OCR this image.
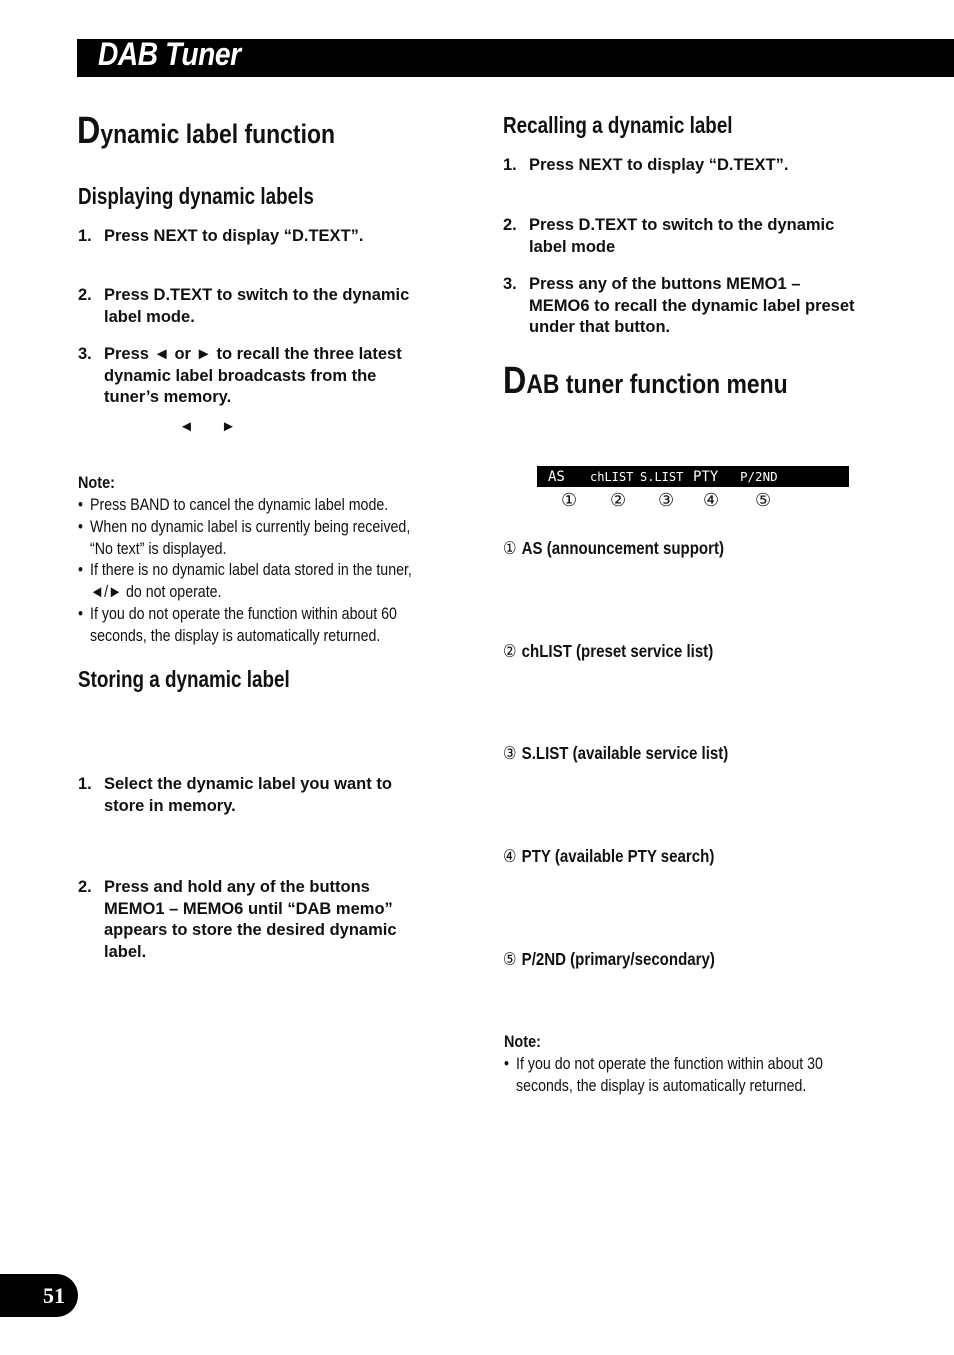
DAB Tuner
Dynamic label function
Displaying dynamic labels
1. Press NEXT to display “D.TEXT”.
2. Press D.TEXT to switch to the dynamic
label mode.
3. Press ◄ or ► to recall the three latest
dynamic label broadcasts from the
tuner’s memory.
◄ ►
Note:
• Press BAND to cancel the dynamic label mode.
• When no dynamic label is currently being received,
“No text” is displayed.
• If there is no dynamic label data stored in the tuner,
◄/► do not operate.
• If you do not operate the function within about 60
seconds, the display is automatically returned.
Storing a dynamic label
1. Select the dynamic label you want to
store in memory.
2. Press and hold any of the buttons
MEMO1 – MEMO6 until “DAB memo”
appears to store the desired dynamic
label.
Recalling a dynamic label
1. Press NEXT to display “D.TEXT”.
2. Press D.TEXT to switch to the dynamic
label mode
3. Press any of the buttons MEMO1 –
MEMO6 to recall the dynamic label preset
under that button.
DAB tuner function menu
AS chLIST S.LIST PTY P/2ND
① ② ③ ④ ⑤
① AS (announcement support)
② chLIST (preset service list)
③ S.LIST (available service list)
④ PTY (available PTY search)
⑤ P/2ND (primary/secondary)
Note:
• If you do not operate the function within about 30
seconds, the display is automatically returned.
51
